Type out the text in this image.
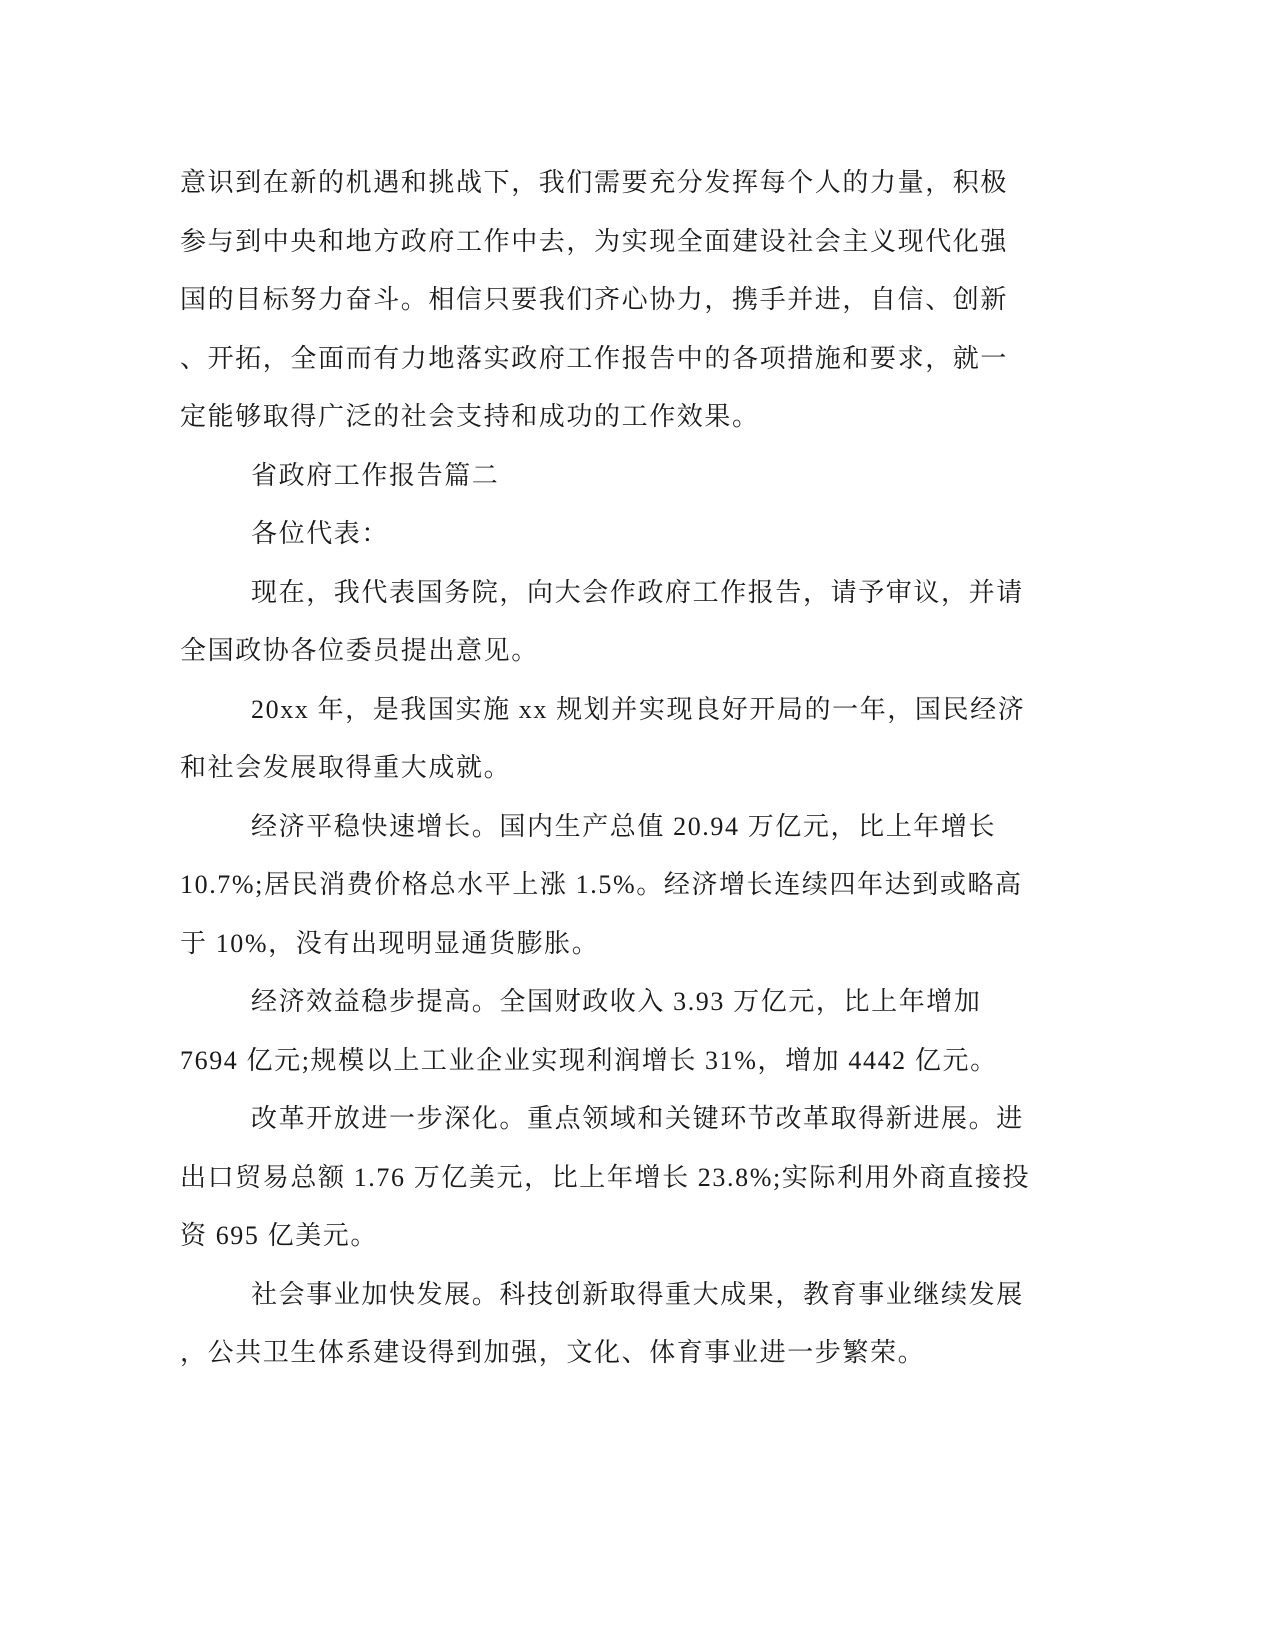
意识到在新的机遇和挑战下，我们需要充分发挥每个人的力量，积极
参与到中央和地方政府工作中去，为实现全面建设社会主义现代化强
国的目标努力奋斗。相信只要我们齐心协力，携手并进，自信、创新
、开拓，全面而有力地落实政府工作报告中的各项措施和要求，就一
定能够取得广泛的社会支持和成功的工作效果。
省政府工作报告篇二
各位代表：
现在，我代表国务院，向大会作政府工作报告，请予审议，并请
全国政协各位委员提出意见。
20xx 年，是我国实施 xx 规划并实现良好开局的一年，国民经济
和社会发展取得重大成就。
经济平稳快速增长。国内生产总值 20.94 万亿元，比上年增长
10.7%;居民消费价格总水平上涨 1.5%。经济增长连续四年达到或略高
于 10%，没有出现明显通货膨胀。
经济效益稳步提高。全国财政收入 3.93 万亿元，比上年增加
7694 亿元;规模以上工业企业实现利润增长 31%，增加 4442 亿元。
改革开放进一步深化。重点领域和关键环节改革取得新进展。进
出口贸易总额 1.76 万亿美元，比上年增长 23.8%;实际利用外商直接投
资 695 亿美元。
社会事业加快发展。科技创新取得重大成果，教育事业继续发展
，公共卫生体系建设得到加强，文化、体育事业进一步繁荣。
